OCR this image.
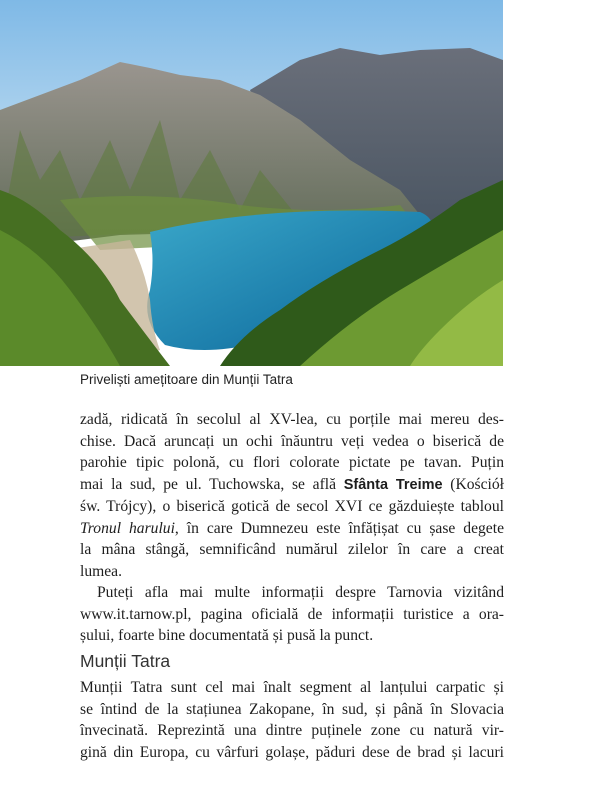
Priveliști amețitoare din Munții Tatra

zadă, ridicată în secolul al XV-lea, cu porțile mai mereu des-
chise. Dacă aruncați un ochi înăuntru veți vedea o biserică de
parohie tipic polonă, cu flori colorate pictate pe tavan. Puțin
mai la sud, pe ul. Tuchowska, se află Sfânta Treime (Kościół
św. Trójcy), o biserică gotică de secol XVI ce găzduiește tabloul
Tronul harului, în care Dumnezeu este înfățișat cu șase degete
la mâna stângă, semnificând numărul zilelor în care a creat
lumea.

Puteți afla mai multe informații despre Tarnovia vizitând
www.it.tarnow.pl, pagina oficială de informații turistice a ora-
șului, foarte bine documentată și pusă la punct.

Munții Tatra

Munții Tatra sunt cel mai înalt segment al lanțului carpatic și
se întind de la stațiunea Zakopane, în sud, și până în Slovacia
învecinată. Reprezintă una dintre puținele zone cu natură vir-
gină din Europa, cu vârfuri golașe, păduri dese de brad și lacuri
